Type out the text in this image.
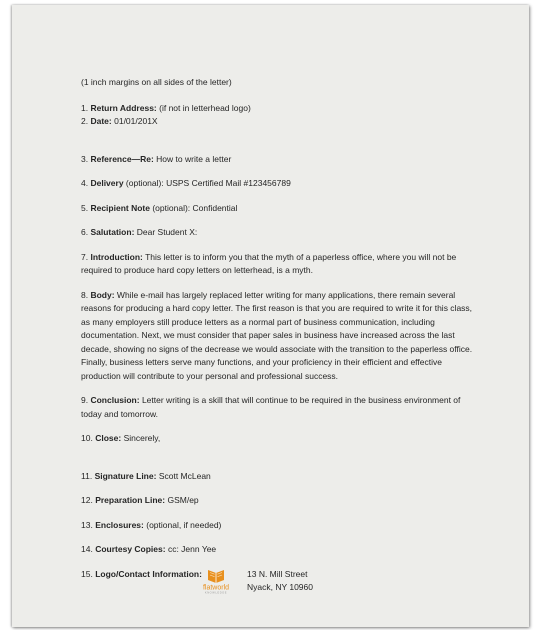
(1 inch margins on all sides of the letter)
1. Return Address: (if not in letterhead logo)
2. Date: 01/01/201X
3. Reference—Re: How to write a letter
4. Delivery (optional): USPS Certified Mail #123456789
5. Recipient Note (optional): Confidential
6. Salutation: Dear Student X:

7. Introduction: This letter is to inform you that the myth of a paperless office, where you will not be required to produce hard copy letters on letterhead, is a myth.

8. Body: While e-mail has largely replaced letter writing for many applications, there remain several reasons for producing a hard copy letter. The first reason is that you are required to write it for this class, as many employers still produce letters as a normal part of business communication, including documentation. Next, we must consider that paper sales in business have increased across the last decade, showing no signs of the decrease we would associate with the transition to the paperless office. Finally, business letters serve many functions, and your proficiency in their efficient and effective production will contribute to your personal and professional success.

9. Conclusion: Letter writing is a skill that will continue to be required in the business environment of today and tomorrow.

10. Close: Sincerely,
11. Signature Line: Scott McLean
12. Preparation Line: GSM/ep
13. Enclosures: (optional, if needed)
14. Courtesy Copies: cc: Jenn Yee
15. Logo/Contact Information:
flatworld
KNOWLEDGE
13 N. Mill Street
Nyack, NY 10960
